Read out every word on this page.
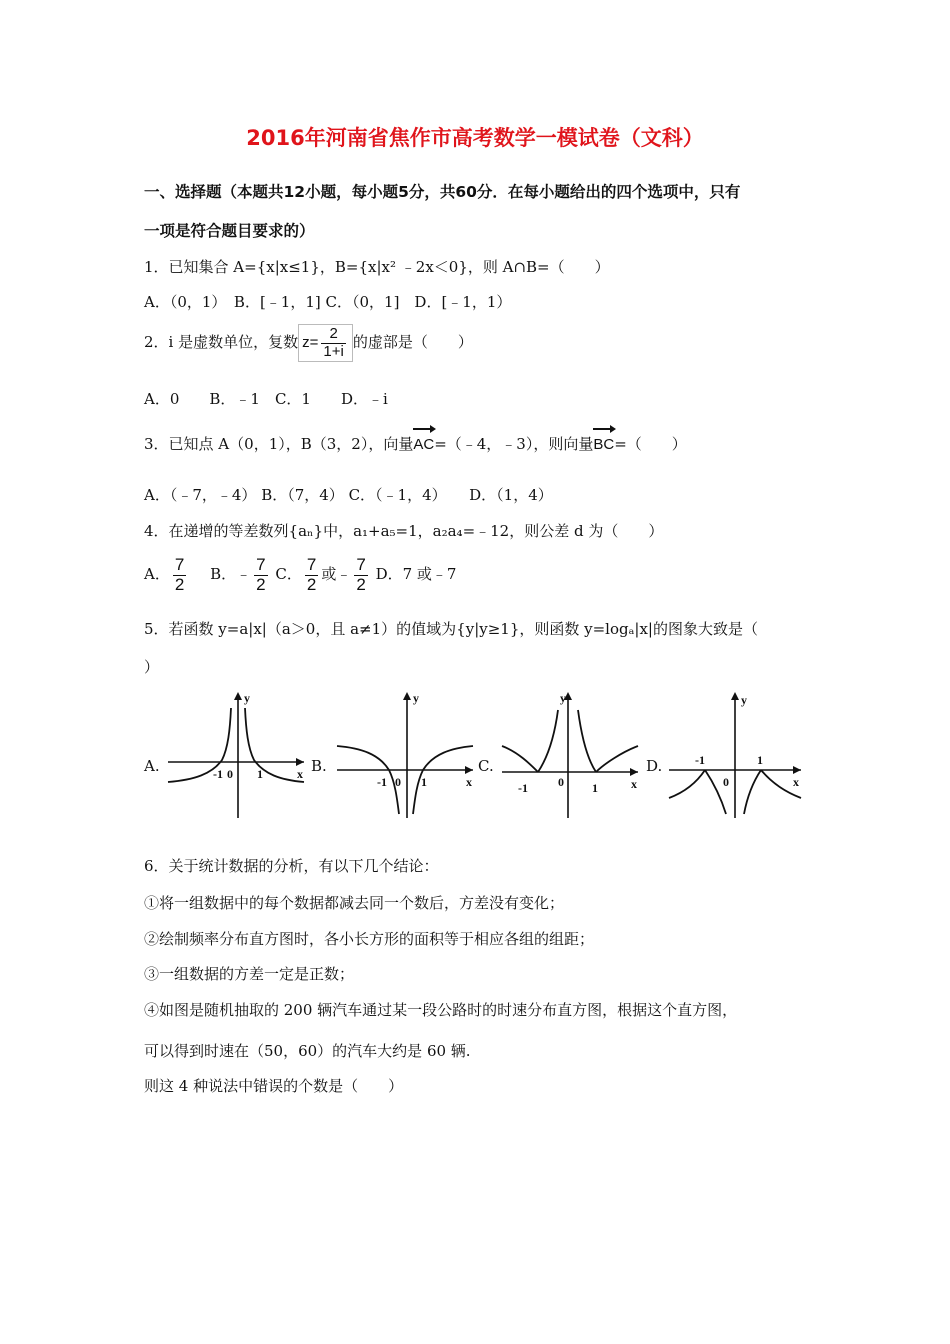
2016年河南省焦作市高考数学一模试卷（文科）
一、选择题（本题共12小题，每小题5分，共60分．在每小题给出的四个选项中，只有
一项是符合题目要求的）
1．已知集合 A={x|x≤1}，B={x|x² ﹣2x＜0}，则 A∩B=（　　）
A．（0，1）　B．[﹣1，1] C．（0，1]　D．[﹣1，1）
2．i 是虚数单位，复数 $z= \frac{2}{1+i}$ 的虚部是（　　）
A．0　　B．﹣1　C．1　　D．﹣i
3．已知点 A（0，1），B（3，2），向量
AC=（﹣4，﹣3），则向量
BC=（　　）
A．（﹣7，﹣4） B．（7，4） C．（﹣1，4）　　D．（1，4）
4．在递增的等差数列{aₙ}中，a₁+a₅=1，a₂a₄=﹣12，则公差 d 为（　　）
A． $\frac{7}{2}$ B．﹣ $\frac{7}{2}$ C． $\frac{7}{2}$ 或﹣ $\frac{7}{2}$ D．7 或﹣7
5．若函数 y=a|x|（a＞0，且 a≠1）的值域为{y|y≥1}，则函数 y=logₐ|x|的图象大致是（
）
A.	B.	C.	D.
y
x
-1 0 1
y
x
-1 0 1
y
x
-1	0 1
y
x
-1
0
1
6．关于统计数据的分析，有以下几个结论：
①将一组数据中的每个数据都减去同一个数后，方差没有变化；
②绘制频率分布直方图时，各小长方形的面积等于相应各组的组距；
③一组数据的方差一定是正数；
④如图是随机抽取的 200 辆汽车通过某一段公路时的时速分布直方图，根据这个直方图，
可以得到时速在（50，60）的汽车大约是 60 辆.
则这 4 种说法中错误的个数是（　　）
